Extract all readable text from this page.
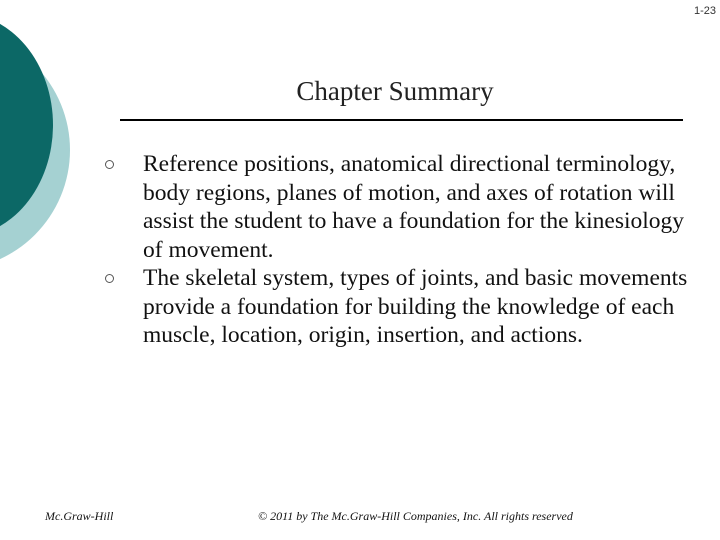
1-23
Chapter Summary
Reference positions, anatomical directional terminology, body regions, planes of motion, and axes of rotation will assist the student to have a foundation for the kinesiology of movement.
The skeletal system, types of joints, and basic movements provide a foundation for building the knowledge of each muscle, location, origin, insertion, and actions.
Mc.Graw-Hill	© 2011 by The Mc.Graw-Hill Companies, Inc. All rights reserved
